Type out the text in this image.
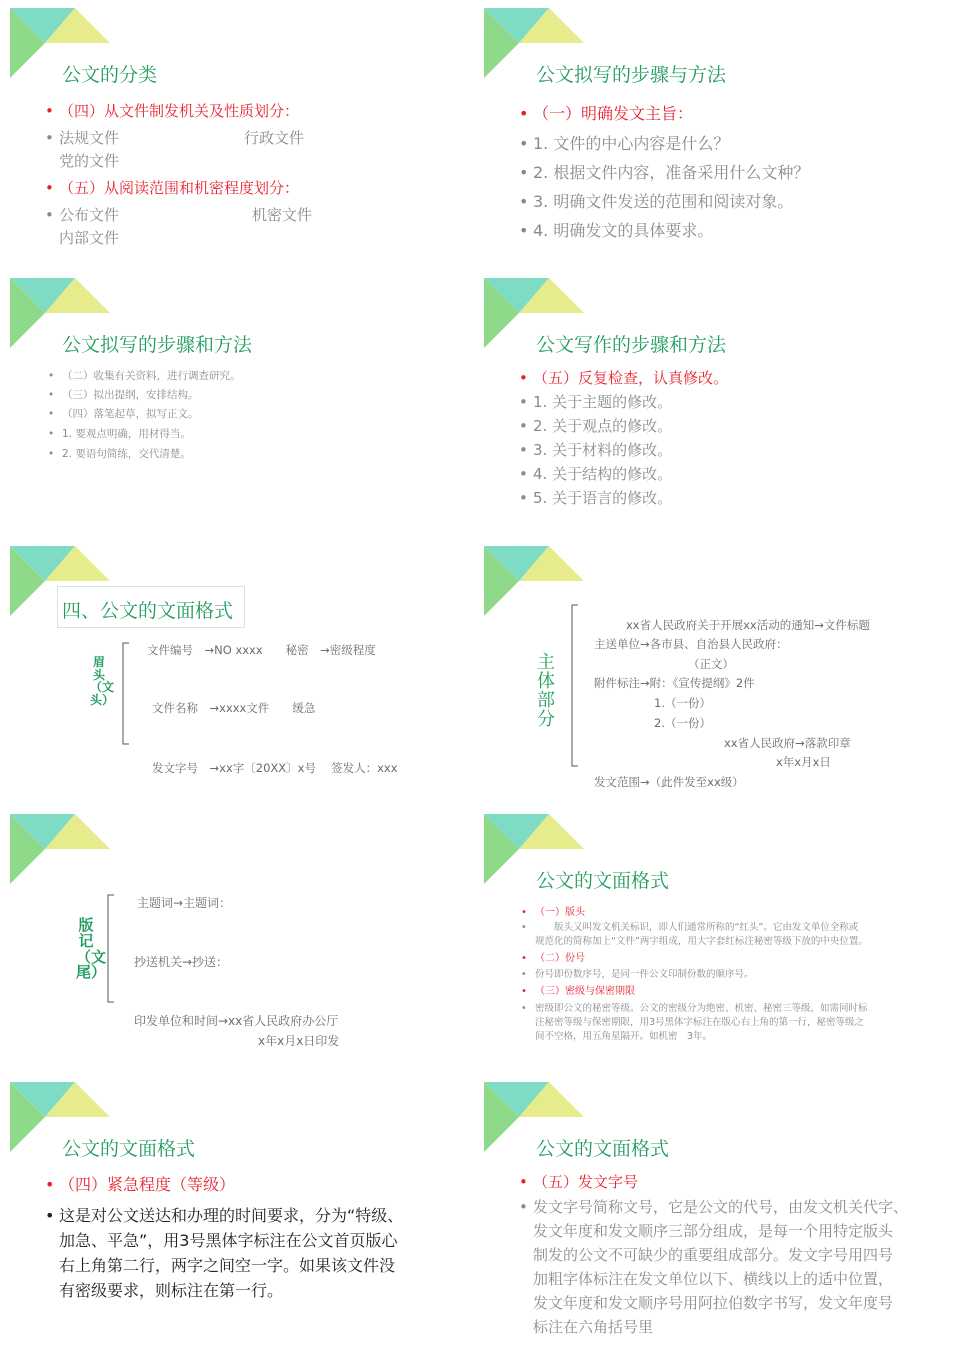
公文的分类
• （四）从文件制发机关及性质划分：
• 法规文件	行政文件
党的文件
• （五）从阅读范围和机密程度划分：
• 公布文件	机密文件
内部文件
公文拟写的步骤与方法
• （一）明确发文主旨：
• 1. 文件的中心内容是什么？
• 2. 根据文件内容，准备采用什么文种？
• 3. 明确文件发送的范围和阅读对象。
• 4. 明确发文的具体要求。
公文拟写的步骤和方法
• （二）收集有关资料，进行调查研究。
• （三）拟出提纲，安排结构。
• （四）落笔起草，拟写正文。
• 1. 要观点明确，用材得当。
• 2. 要语句简练，交代清楚。
公文写作的步骤和方法
• （五）反复检查，认真修改。
• 1. 关于主题的修改。
• 2. 关于观点的修改。
• 3. 关于材料的修改。
• 4. 关于结构的修改。
• 5. 关于语言的修改。
四、公文的文面格式
眉头（文头）
文件编号　→NO xxxx　　秘密　→密级程度
文件名称　→xxxx文件　　缓急
发文字号　→xx字〔20XX〕x号　 签发人：xxx
主体部分
xx省人民政府关于开展xx活动的通知→文件标题
主送单位→各市县、自治县人民政府：
（正文）
附件标注→附：《宣传提纲》2件
1.（一份）
2.（一份）
xx省人民政府→落款印章
x年x月x日
发文范围→（此件发至xx级）
版记（文尾）
主题词→主题词：
抄送机关→抄送：
印发单位和时间→xx省人民政府办公厅
x年x月x日印发
公文的文面格式
• （一）版头
•　　版头又叫发文机关标识，即人们通常所称的“红头”。它由发文单位全称或
规范化的简称加上“文件”两字组成，用大字套红标注秘密等级下放的中央位置。
• （二）份号
• 份号即份数序号，是同一件公文印制份数的顺序号。
• （三）密级与保密期限
• 密级即公文的秘密等级。公文的密级分为绝密、机密、秘密三等级，如需同时标
注秘密等级与保密期限，用3号黑体字标注在版心右上角的第一行，秘密等级之
间不空格，用五角星隔开。如机密　3年。
公文的文面格式
• （四）紧急程度（等级）
• 这是对公文送达和办理的时间要求，分为“特级、
加急、平急”，用3号黑体字标注在公文首页版心
右上角第二行，两字之间空一字。如果该文件没
有密级要求，则标注在第一行。
公文的文面格式
• （五）发文字号
• 发文字号简称文号，它是公文的代号，由发文机关代字、
发文年度和发文顺序三部分组成，是每一个用特定版头
制发的公文不可缺少的重要组成部分。发文字号用四号
加粗字体标注在发文单位以下、横线以上的适中位置，
发文年度和发文顺序号用阿拉伯数字书写，发文年度号
标注在六角括号里
